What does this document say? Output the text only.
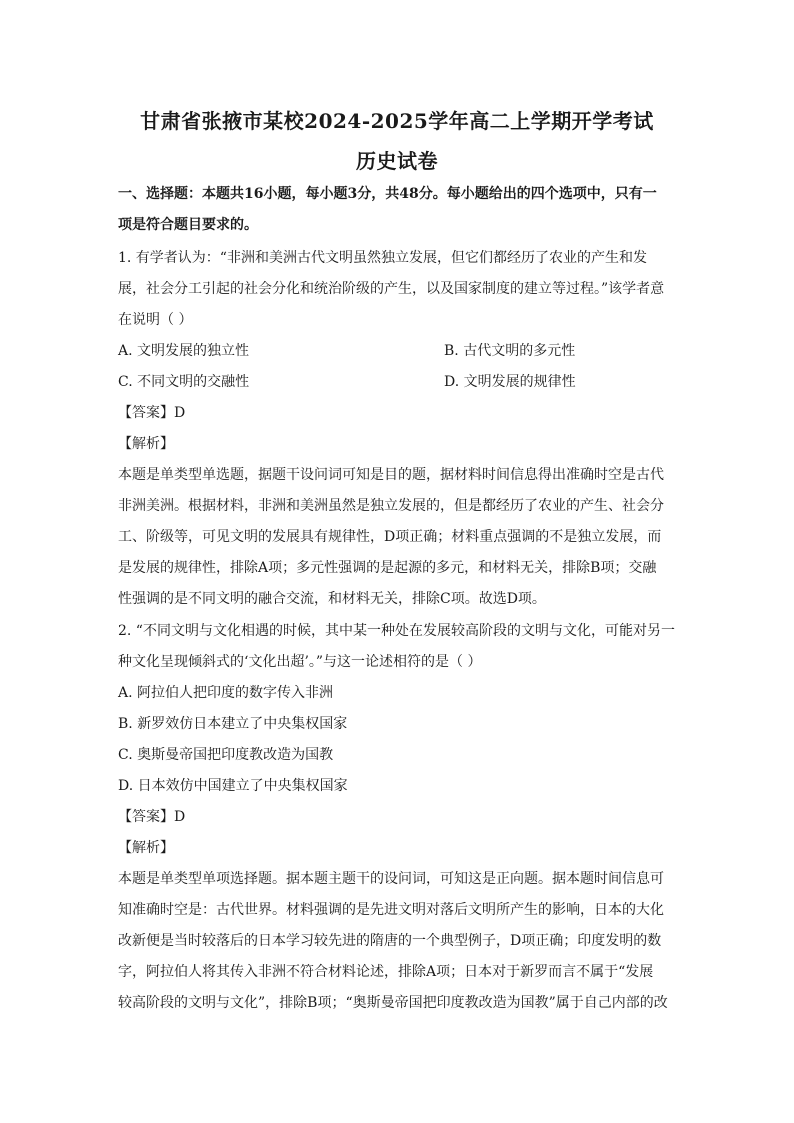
甘肃省张掖市某校2024-2025学年高二上学期开学考试
历史试卷
一、选择题：本题共16小题，每小题3分，共48分。每小题给出的四个选项中，只有一
项是符合题目要求的。
1. 有学者认为：“非洲和美洲古代文明虽然独立发展，但它们都经历了农业的产生和发
展，社会分工引起的社会分化和统治阶级的产生，以及国家制度的建立等过程。”该学者意
在说明（ ）
A. 文明发展的独立性	B. 古代文明的多元性
C. 不同文明的交融性	D. 文明发展的规律性
【答案】D
【解析】
本题是单类型单选题，据题干设问词可知是目的题，据材料时间信息得出准确时空是古代
非洲美洲。根据材料，非洲和美洲虽然是独立发展的，但是都经历了农业的产生、社会分
工、阶级等，可见文明的发展具有规律性，D项正确；材料重点强调的不是独立发展，而
是发展的规律性，排除A项；多元性强调的是起源的多元，和材料无关，排除B项；交融
性强调的是不同文明的融合交流，和材料无关，排除C项。故选D项。
2. “不同文明与文化相遇的时候，其中某一种处在发展较高阶段的文明与文化，可能对另一
种文化呈现倾斜式的‘文化出超’。”与这一论述相符的是（ ）
A. 阿拉伯人把印度的数字传入非洲
B. 新罗效仿日本建立了中央集权国家
C. 奥斯曼帝国把印度教改造为国教
D. 日本效仿中国建立了中央集权国家
【答案】D
【解析】
本题是单类型单项选择题。据本题主题干的设问词，可知这是正向题。据本题时间信息可
知准确时空是：古代世界。材料强调的是先进文明对落后文明所产生的影响，日本的大化
改新便是当时较落后的日本学习较先进的隋唐的一个典型例子，D项正确；印度发明的数
字，阿拉伯人将其传入非洲不符合材料论述，排除A项；日本对于新罗而言不属于“发展
较高阶段的文明与文化”，排除B项；“奥斯曼帝国把印度教改造为国教”属于自己内部的改
